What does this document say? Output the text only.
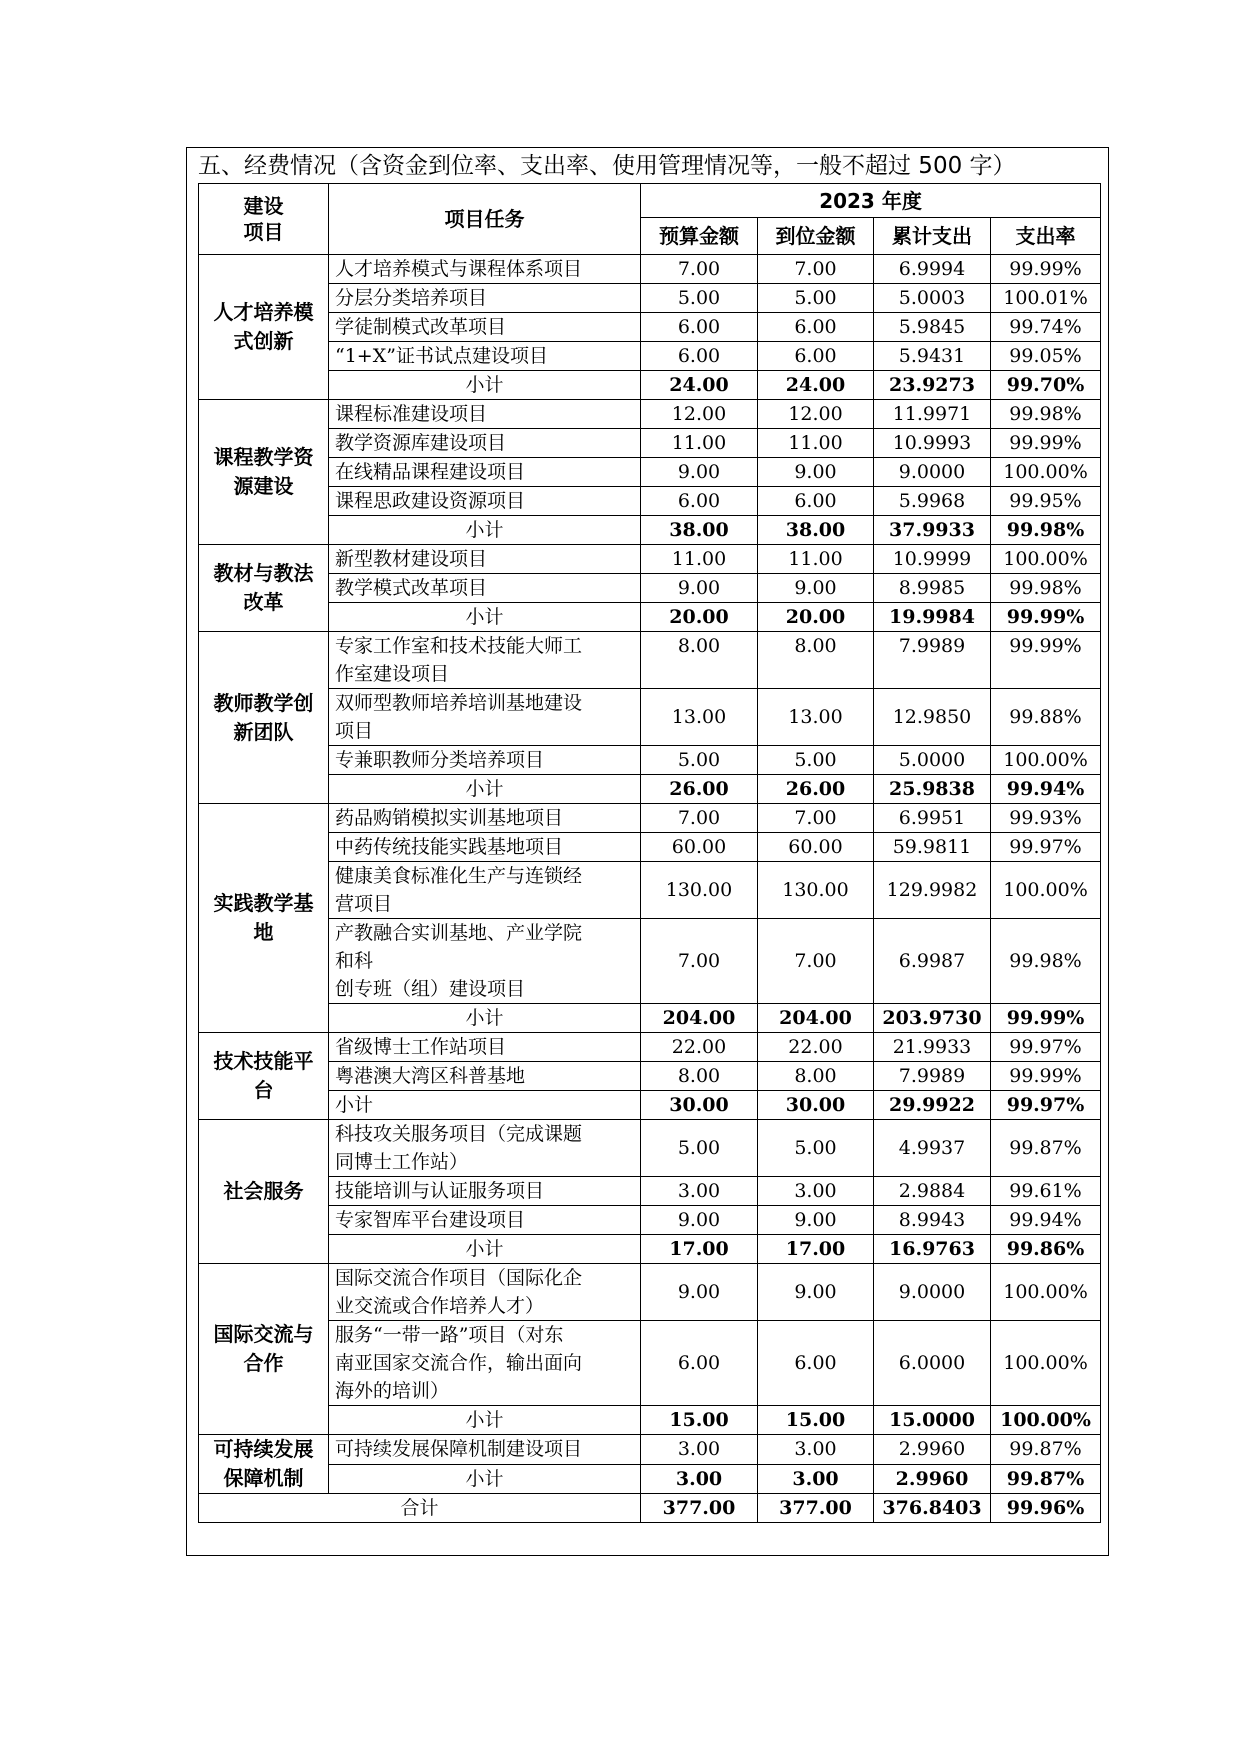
五、经费情况（含资金到位率、支出率、使用管理情况等，一般不超过 500 字）
建设
项目	项目任务	2023 年度			
		预算金额	到位金额	累计支出	支出率
人才培养模
式创新	人才培养模式与课程体系项目	7.00	7.00	6.9994	99.99%
	分层分类培养项目	5.00	5.00	5.0003	100.01%
	学徒制模式改革项目	6.00	6.00	5.9845	99.74%
	“1+X”证书试点建设项目	6.00	6.00	5.9431	99.05%
	小计	24.00	24.00	23.9273	99.70%
课程教学资
源建设	课程标准建设项目	12.00	12.00	11.9971	99.98%
	教学资源库建设项目	11.00	11.00	10.9993	99.99%
	在线精品课程建设项目	9.00	9.00	9.0000	100.00%
	课程思政建设资源项目	6.00	6.00	5.9968	99.95%
	小计	38.00	38.00	37.9933	99.98%
教材与教法
改革	新型教材建设项目	11.00	11.00	10.9999	100.00%
	教学模式改革项目	9.00	9.00	8.9985	99.98%
	小计	20.00	20.00	19.9984	99.99%
教师教学创
新团队	专家工作室和技术技能大师工
作室建设项目	8.00	8.00	7.9989	99.99%
	双师型教师培养培训基地建设
项目	13.00	13.00	12.9850	99.88%
	专兼职教师分类培养项目	5.00	5.00	5.0000	100.00%
	小计	26.00	26.00	25.9838	99.94%
实践教学基
地	药品购销模拟实训基地项目	7.00	7.00	6.9951	99.93%
	中药传统技能实践基地项目	60.00	60.00	59.9811	99.97%
	健康美食标准化生产与连锁经
营项目	130.00	130.00	129.9982	100.00%
	产教融合实训基地、产业学院
和科
创专班（组）建设项目	7.00	7.00	6.9987	99.98%
	小计	204.00	204.00	203.9730	99.99%
技术技能平
台	省级博士工作站项目	22.00	22.00	21.9933	99.97%
	粤港澳大湾区科普基地	8.00	8.00	7.9989	99.99%
	小计	30.00	30.00	29.9922	99.97%
社会服务	科技攻关服务项目（完成课题
同博士工作站）	5.00	5.00	4.9937	99.87%
	技能培训与认证服务项目	3.00	3.00	2.9884	99.61%
	专家智库平台建设项目	9.00	9.00	8.9943	99.94%
	小计	17.00	17.00	16.9763	99.86%
国际交流与
合作	国际交流合作项目（国际化企
业交流或合作培养人才）	9.00	9.00	9.0000	100.00%
	服务“一带一路”项目（对东
南亚国家交流合作，输出面向
海外的培训）	6.00	6.00	6.0000	100.00%
	小计	15.00	15.00	15.0000	100.00%
可持续发展
保障机制	可持续发展保障机制建设项目	3.00	3.00	2.9960	99.87%
	小计	3.00	3.00	2.9960	99.87%
合计		377.00	377.00	376.8403	99.96%
